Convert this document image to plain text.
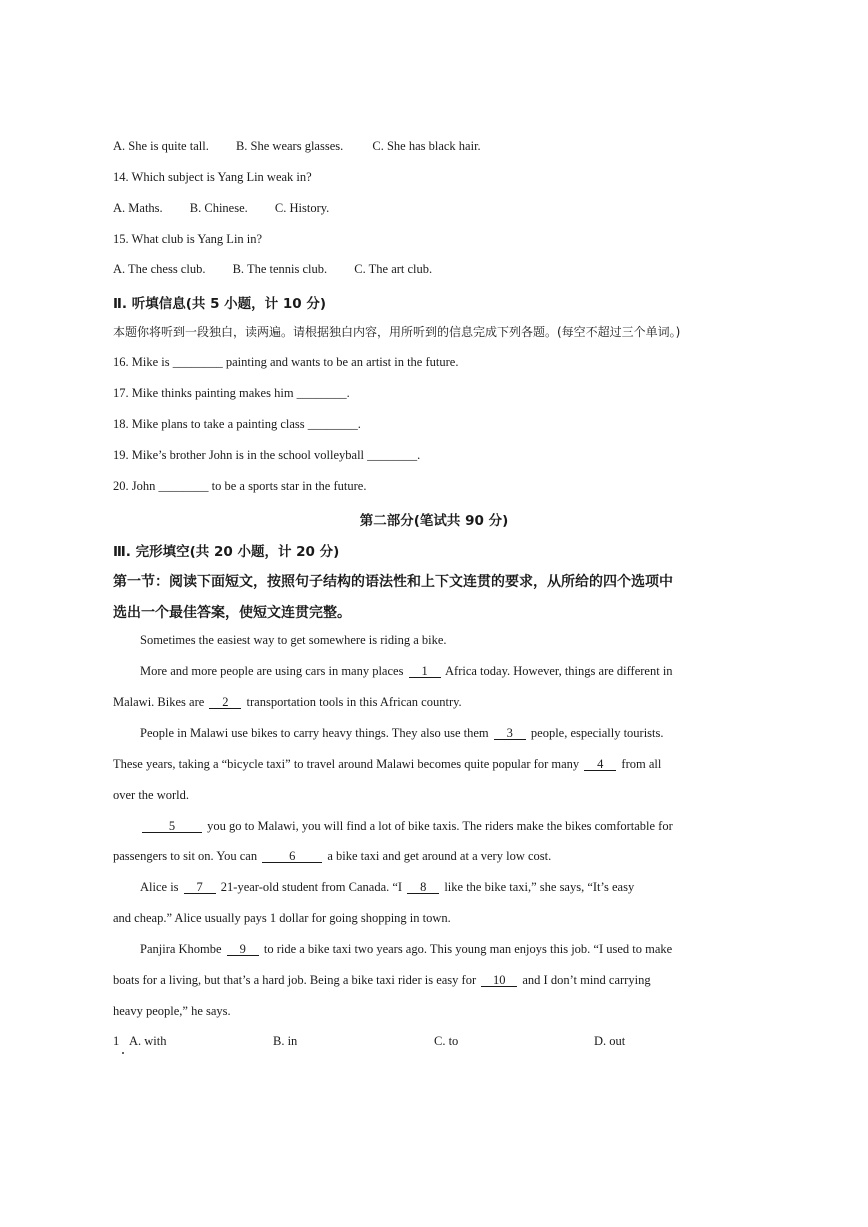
A. She is quite tall. B. She wears glasses. C. She has black hair.
14. Which subject is Yang Lin weak in?
A. Maths. B. Chinese. C. History.
15. What club is Yang Lin in?
A. The chess club. B. The tennis club. C. The art club.
Ⅱ. 听填信息(共 5 小题，计 10 分)
本题你将听到一段独白，读两遍。请根据独白内容，用所听到的信息完成下列各题。(每空不超过三个单词。)
16. Mike is ________ painting and wants to be an artist in the future.
17. Mike thinks painting makes him ________.
18. Mike plans to take a painting class ________.
19. Mike’s brother John is in the school volleyball ________.
20. John ________ to be a sports star in the future.
第二部分(笔试共 90 分)
Ⅲ. 完形填空(共 20 小题，计 20 分)
第一节：阅读下面短文，按照句子结构的语法性和上下文连贯的要求，从所给的四个选项中
选出一个最佳答案，使短文连贯完整。
Sometimes the easiest way to get somewhere is riding a bike.
More and more people are using cars in many places 1 Africa today. However, things are different in
Malawi. Bikes are 2 transportation tools in this African country.
People in Malawi use bikes to carry heavy things. They also use them 3 people, especially tourists.
These years, taking a “bicycle taxi” to travel around Malawi becomes quite popular for many 4 from all
over the world.
5 you go to Malawi, you will find a lot of bike taxis. The riders make the bikes comfortable for
passengers to sit on. You can 6 a bike taxi and get around at a very low cost.
Alice is 7 21-year-old student from Canada. “I 8 like the bike taxi,” she says, “It’s easy
and cheap.” Alice usually pays 1 dollar for going shopping in town.
Panjira Khombe 9 to ride a bike taxi two years ago. This young man enjoys this job. “I used to make
boats for a living, but that’s a hard job. Being a bike taxi rider is easy for 10 and I don’t mind carrying
heavy people,” he says.
1 A. with	B. in	C. to	D. out
